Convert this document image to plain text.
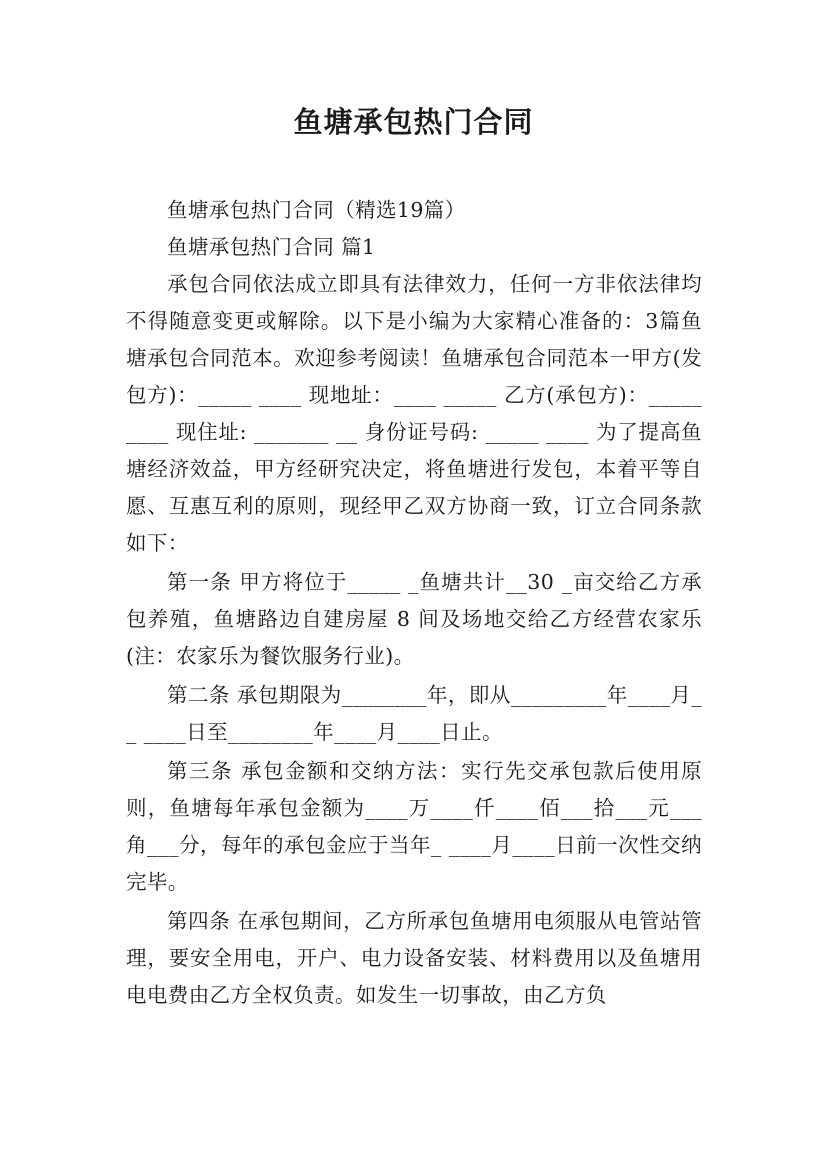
鱼塘承包热门合同

鱼塘承包热门合同（精选19篇）

鱼塘承包热门合同 篇1

承包合同依法成立即具有法律效力，任何一方非依法律均不得随意变更或解除。以下是小编为大家精心准备的：3篇鱼塘承包合同范本。欢迎参考阅读！鱼塘承包合同范本一甲方(发包方)：_____ ____ 现地址：____ _____ 乙方(承包方)：_____ ____ 现住址: _______ __ 身份证号码: _____ ____ 为了提高鱼塘经济效益，甲方经研究决定，将鱼塘进行发包，本着平等自愿、互惠互利的原则，现经甲乙双方协商一致，订立合同条款如下：

第一条 甲方将位于_____ _鱼塘共计__30 _亩交给乙方承包养殖，鱼塘路边自建房屋 8 间及场地交给乙方经营农家乐(注：农家乐为餐饮服务行业)。

第二条 承包期限为________年，即从_________年____月__ ____日至________年____月____日止。

第三条 承包金额和交纳方法：实行先交承包款后使用原则，鱼塘每年承包金额为____万____仟____佰___拾___元___角___分，每年的承包金应于当年_ ____月____日前一次性交纳完毕。

第四条 在承包期间，乙方所承包鱼塘用电须服从电管站管理，要安全用电，开户、电力设备安装、材料费用以及鱼塘用电电费由乙方全权负责。如发生一切事故，由乙方负
